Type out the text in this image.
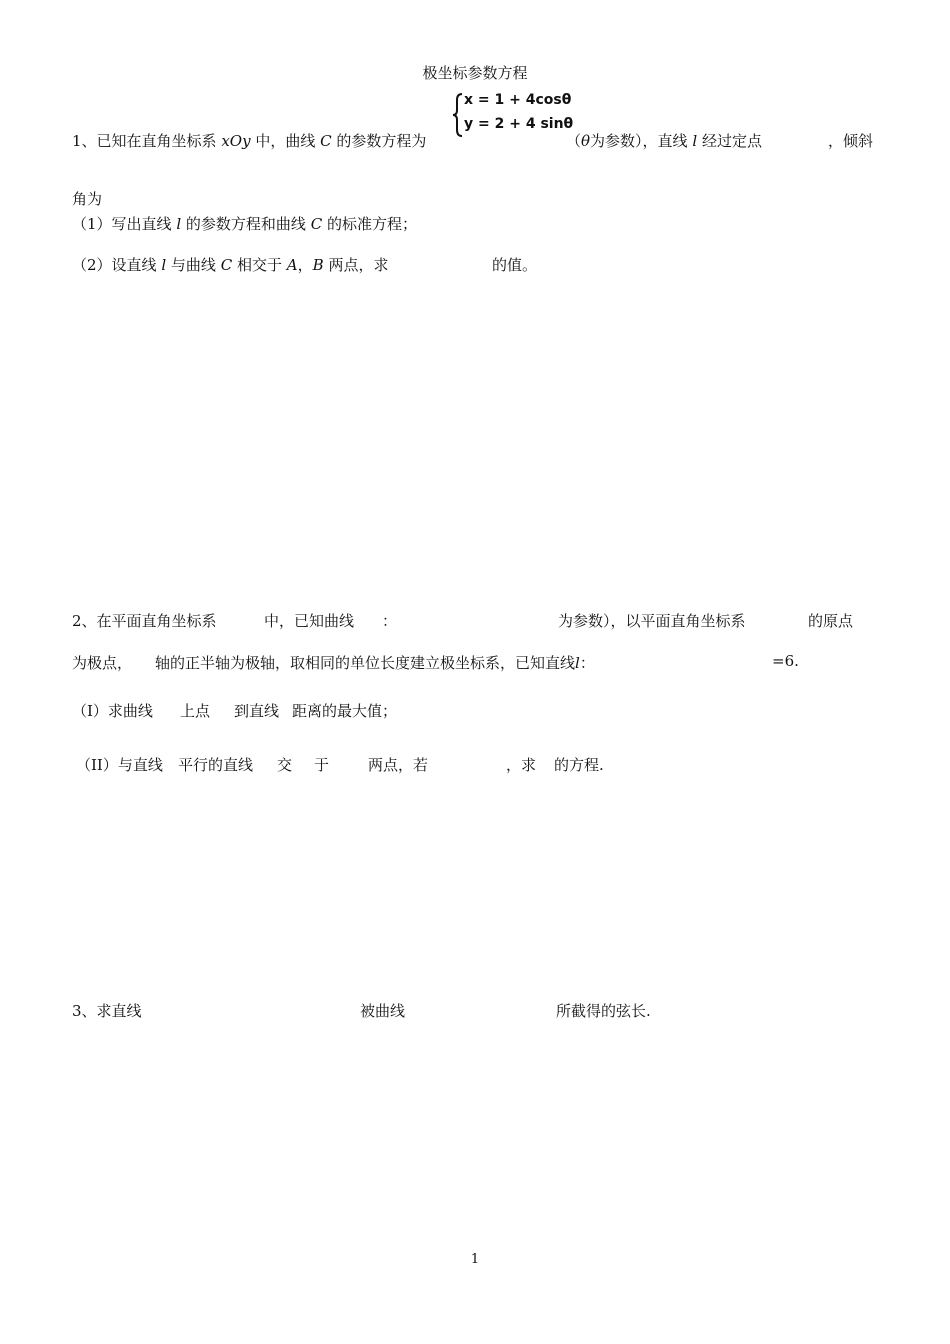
极坐标参数方程
1、已知在直角坐标系 xOy 中，曲线 C 的参数方程为
x = 1 + 4cosθ
y = 2 + 4 sinθ
（θ为参数），直线 l 经过定点	，倾斜
角为
（1）写出直线 l 的参数方程和曲线 C 的标准方程；
（2）设直线 l 与曲线 C 相交于 A，B 两点，求	的值。
2、在平面直角坐标系	中，已知曲线 ：	为参数），以平面直角坐标系	的原点
为极点， 轴的正半轴为极轴，取相同的单位长度建立极坐标系，已知直线l：	=6.
（I）求曲线 上点 到直线 距离的最大值；
（II）与直线 平行的直线 交 于	两点，若	，求 的方程.
3、求直线	被曲线	所截得的弦长.
1
